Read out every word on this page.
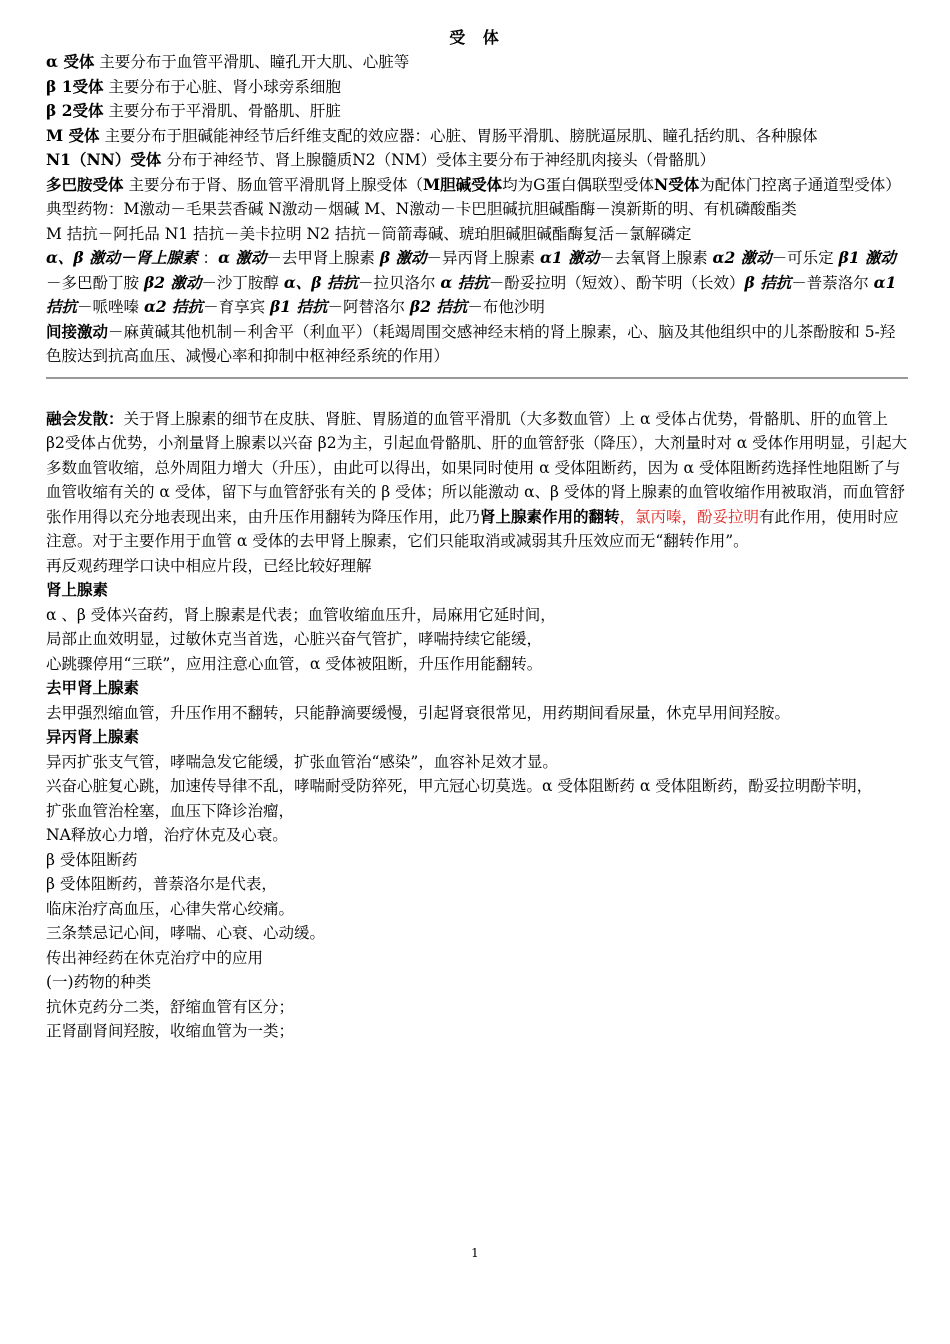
受 体
α 受体 主要分布于血管平滑肌、瞳孔开大肌、心脏等
β 1受体 主要分布于心脏、肾小球旁系细胞
β 2受体 主要分布于平滑肌、骨骼肌、肝脏
M 受体 主要分布于胆碱能神经节后纤维支配的效应器：心脏、胃肠平滑肌、膀胱逼尿肌、瞳孔括约肌、各种腺体
N1（NN）受体 分布于神经节、肾上腺髓质N2（NM）受体主要分布于神经肌肉接头（骨骼肌）
多巴胺受体 主要分布于肾、肠血管平滑肌肾上腺受体（M胆碱受体均为G蛋白偶联型受体N受体为配体门控离子通道型受体）
典型药物：M激动－毛果芸香碱 N激动－烟碱 M、N激动－卡巴胆碱抗胆碱酯酶－溴新斯的明、有机磷酸酯类
M 拮抗－阿托品 N1 拮抗－美卡拉明 N2 拮抗－筒箭毒碱、琥珀胆碱胆碱酯酶复活－氯解磷定
α、β 激动－肾上腺素 ：α 激动－去甲肾上腺素 β 激动－异丙肾上腺素 α1 激动－去氧肾上腺素 α2 激动－可乐定 β1 激动－多巴酚丁胺 β2 激动－沙丁胺醇 α、β 拮抗－拉贝洛尔 α 拮抗－酚妥拉明（短效）、酚苄明（长效）β 拮抗－普萘洛尔 α1 拮抗－哌唑嗪 α2 拮抗－育享宾 β1 拮抗－阿替洛尔 β2 拮抗－布他沙明
间接激动－麻黄碱其他机制－利舍平（利血平）（耗竭周围交感神经末梢的肾上腺素，心、脑及其他组织中的儿茶酚胺和 5-羟色胺达到抗高血压、减慢心率和抑制中枢神经系统的作用）
融会发散：关于肾上腺素的细节在皮肤、肾脏、胃肠道的血管平滑肌（大多数血管）上 α 受体占优势，骨骼肌、肝的血管上 β2受体占优势，小剂量肾上腺素以兴奋 β2为主，引起血骨骼肌、肝的血管舒张（降压），大剂量时对 α 受体作用明显，引起大多数血管收缩，总外周阻力增大（升压），由此可以得出，如果同时使用 α 受体阻断药，因为 α 受体阻断药选择性地阻断了与血管收缩有关的 α 受体，留下与血管舒张有关的 β 受体；所以能激动 α、β 受体的肾上腺素的血管收缩作用被取消，而血管舒张作用得以充分地表现出来，由升压作用翻转为降压作用，此乃肾上腺素作用的翻转，氯丙嗪，酚妥拉明有此作用，使用时应注意。对于主要作用于血管 α 受体的去甲肾上腺素，它们只能取消或减弱其升压效应而无“翻转作用”。
再反观药理学口诀中相应片段，已经比较好理解
肾上腺素
α 、β 受体兴奋药，肾上腺素是代表；血管收缩血压升，局麻用它延时间，
局部止血效明显，过敏休克当首选，心脏兴奋气管扩，哮喘持续它能缓，
心跳骤停用“三联”，应用注意心血管，α 受体被阻断，升压作用能翻转。
去甲肾上腺素
去甲强烈缩血管，升压作用不翻转，只能静滴要缓慢，引起肾衰很常见，用药期间看尿量，休克早用间羟胺。
异丙肾上腺素
异丙扩张支气管，哮喘急发它能缓，扩张血管治“感染”，血容补足效才显。
兴奋心脏复心跳，加速传导律不乱，哮喘耐受防猝死，甲亢冠心切莫选。α 受体阻断药 α 受体阻断药，酚妥拉明酚苄明，
扩张血管治栓塞，血压下降诊治瘤，
NA释放心力增，治疗休克及心衰。
β 受体阻断药
β 受体阻断药，普萘洛尔是代表，
临床治疗高血压，心律失常心绞痛。
三条禁忌记心间，哮喘、心衰、心动缓。
传出神经药在休克治疗中的应用
(一)药物的种类
抗休克药分二类，舒缩血管有区分；
正肾副肾间羟胺，收缩血管为一类；
1
